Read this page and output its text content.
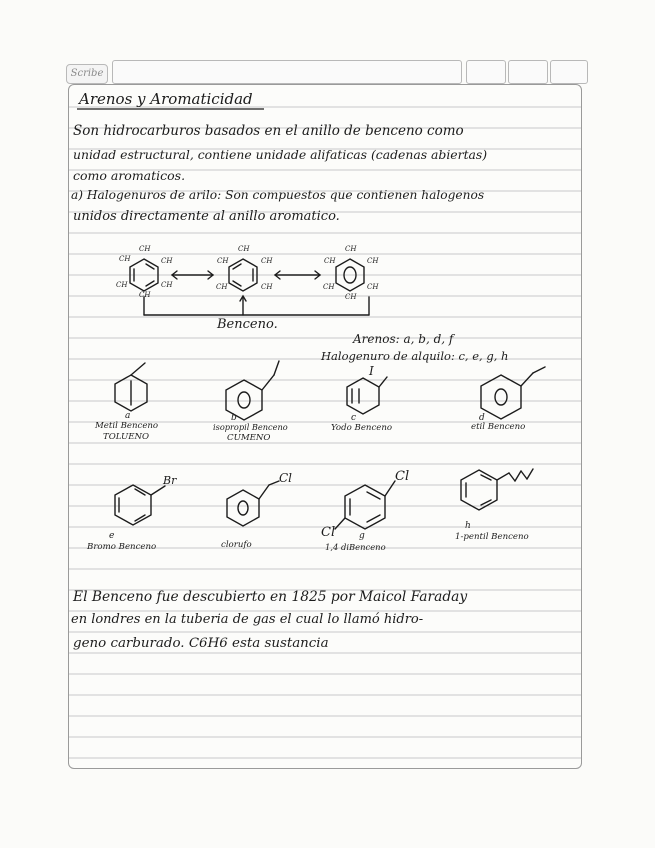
Scribe
Arenos y Aromaticidad
Son hidrocarburos basados en el anillo de benceno como
unidad estructural, contiene unidade alifaticas (cadenas abiertas)
como aromaticos.
a) Halogenuros de arilo: Son compuestos que contienen halogenos
unidos directamente al anillo aromatico.
CH
CH	CH
CH	CH
CH
CH
CH	CH
CH	CH
CH
CH	CH
CH	CH
CH
Benceno.
Arenos: a, b, d, f
Halogenuro de alquilo: c, e, g, h
I
Br	Cl	Cl
Cl
a
Metil Benceno
TOLUENO
b
isopropil Benceno
CUMENO
c
Yodo Benceno
d
etil Benceno
e
Bromo Benceno	clorufo
g
1,4 diBenceno
h
1-pentil Benceno
El Benceno fue descubierto en 1825 por Maicol Faraday
en londres en la tuberia de gas el cual lo llamó hidro-
geno carburado. C6H6 esta sustancia
